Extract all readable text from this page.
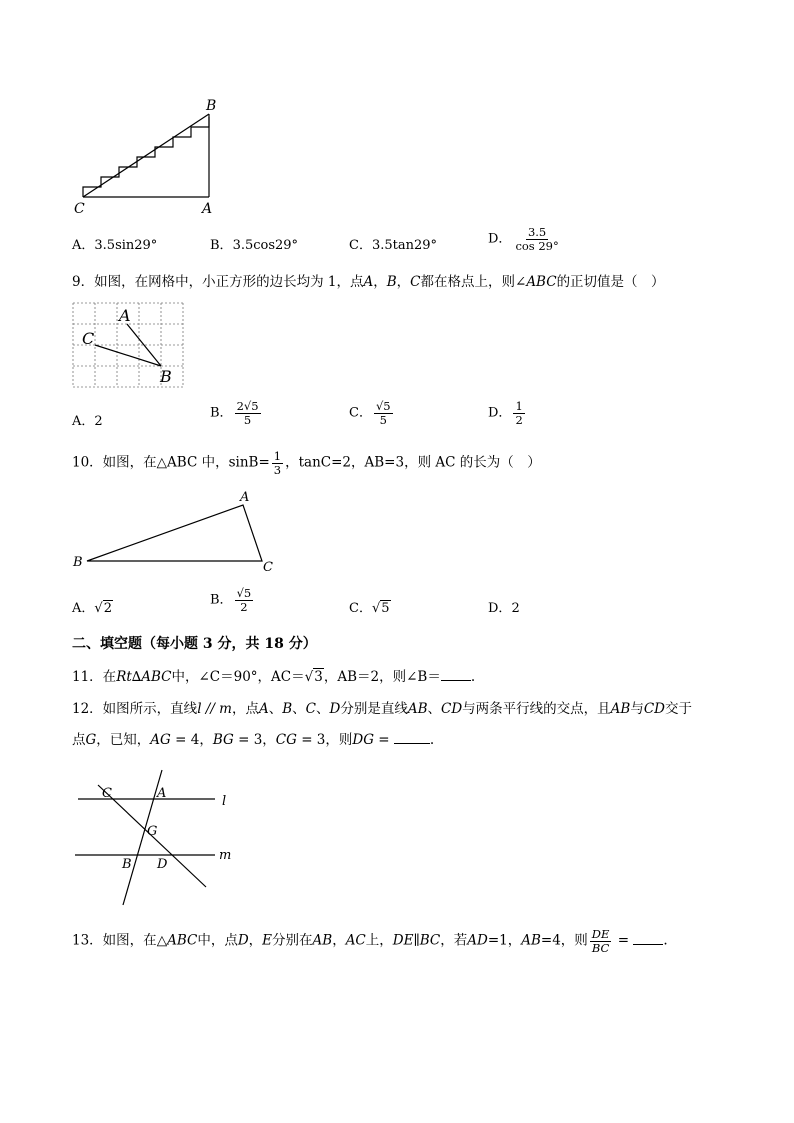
B
C	A
A．3.5sin29°	B．3.5cos29°	C．3.5tan29°	D． $\frac{3.5}{\cos 29^\circ}$
9．如图，在网格中，小正方形的边长均为 1，点A，B，C都在格点上，则∠ABC的正切值是（　）
A
C
B
A．2
B． $\frac{2√5}{5}$	C． $\frac{√5}{5}$	D． $\frac{1}{2}$
10．如图，在△ABC 中，$\sin B= \frac{1}{3}$ ，tanC=2，AB=3，则 AC 的长为（　）
A
B	C
A．√2
B． $\frac{√5}{2}$	C．√5	D．2
二、填空题（每小题 3 分，共 18 分）
11．在Rt∆ABC中，∠C＝90°，AC＝√3，AB＝2，则∠B＝ .
12．如图所示，直线l // m，点A、B、C、D分别是直线AB、CD与两条平行线的交点，且AB与CD交于
点G，已知，AG = 4，BG = 3，CG = 3，则DG =	.
C	A
l
G
B D
m
13．如图，在△ABC中，点D，E分别在AB，AC上，DE∥BC，若AD=1，AB=4，则 $\frac{DE}{BC}$ = .
